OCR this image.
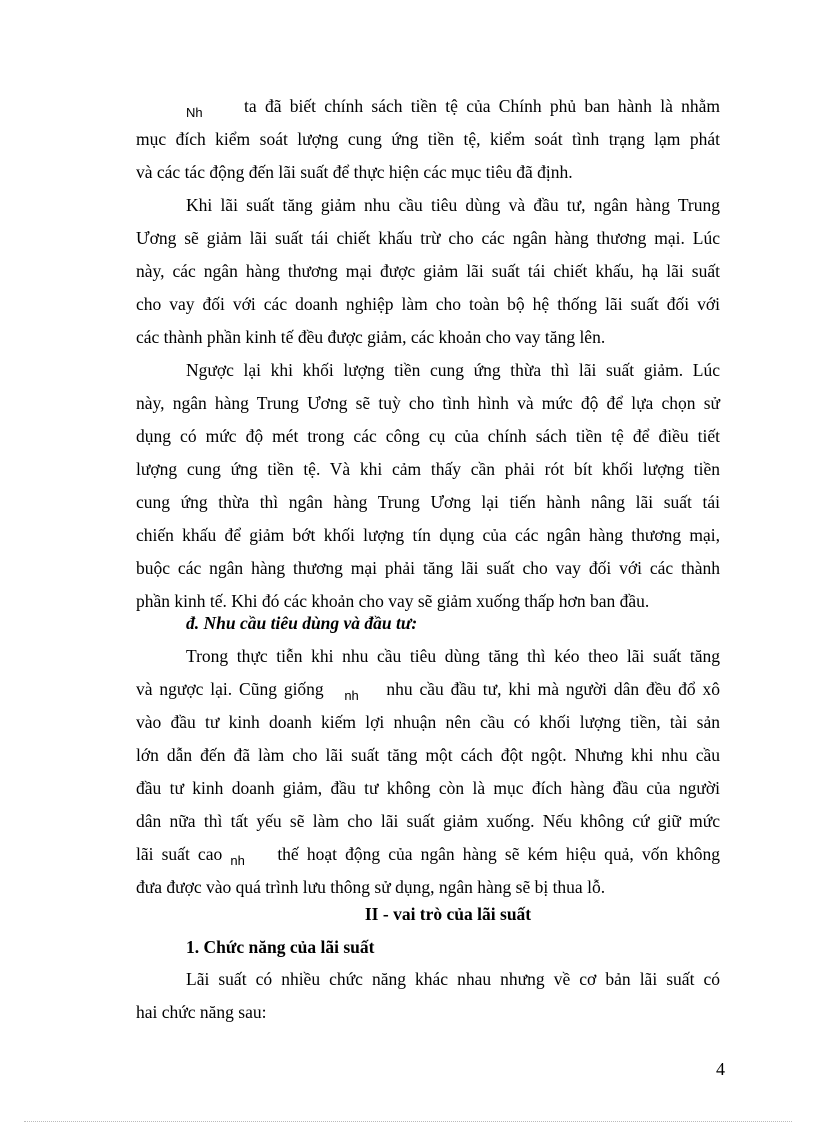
$_{Nh}$ ta đã biết chính sách tiền tệ của Chính phủ ban hành là nhằm
mục đích kiểm soát lượng cung ứng tiền tệ, kiểm soát tình trạng lạm phát
và các tác động đến lãi suất để thực hiện các mục tiêu đã định.
Khi lãi suất tăng giảm nhu cầu tiêu dùng và đầu tư, ngân hàng Trung
Ương sẽ giảm lãi suất tái chiết khấu trừ cho các ngân hàng thương mại. Lúc
này, các ngân hàng thương mại được giảm lãi suất tái chiết khấu, hạ lãi suất
cho vay đối với các doanh nghiệp làm cho toàn bộ hệ thống lãi suất đối với
các thành phần kinh tế đều được giảm, các khoản cho vay tăng lên.
Ngược lại khi khối lượng tiền cung ứng thừa thì lãi suất giảm. Lúc
này, ngân hàng Trung Ương sẽ tuỳ cho tình hình và mức độ để lựa chọn sử
dụng có mức độ mét trong các công cụ của chính sách tiền tệ để điều tiết
lượng cung ứng tiền tệ. Và khi cảm thấy cần phải rót bít khối lượng tiền
cung ứng thừa thì ngân hàng Trung Ương lại tiến hành nâng lãi suất tái
chiến khấu để giảm bớt khối lượng tín dụng của các ngân hàng thương mại,
buộc các ngân hàng thương mại phải tăng lãi suất cho vay đối với các thành
phần kinh tế. Khi đó các khoản cho vay sẽ giảm xuống thấp hơn ban đầu.
đ. Nhu cầu tiêu dùng và đầu tư:
Trong thực tiễn khi nhu cầu tiêu dùng tăng thì kéo theo lãi suất tăng
và ngược lại. Cũng giống $_{nh}$ nhu cầu đầu tư, khi mà người dân đều đổ xô
vào đầu tư kinh doanh kiếm lợi nhuận nên cầu có khối lượng tiền, tài sản
lớn dẫn đến đã làm cho lãi suất tăng một cách đột ngột. Nhưng khi nhu cầu
đầu tư kinh doanh giảm, đầu tư không còn là mục đích hàng đầu của người
dân nữa thì tất yếu sẽ làm cho lãi suất giảm xuống. Nếu không cứ giữ mức
lãi suất cao $_{nh}$ thế hoạt động của ngân hàng sẽ kém hiệu quả, vốn không
đưa được vào quá trình lưu thông sử dụng, ngân hàng sẽ bị thua lỗ.
II - vai trò của lãi suất
1. Chức năng của lãi suất
Lãi suất có nhiều chức năng khác nhau nhưng về cơ bản lãi suất có
hai chức năng sau:
4
